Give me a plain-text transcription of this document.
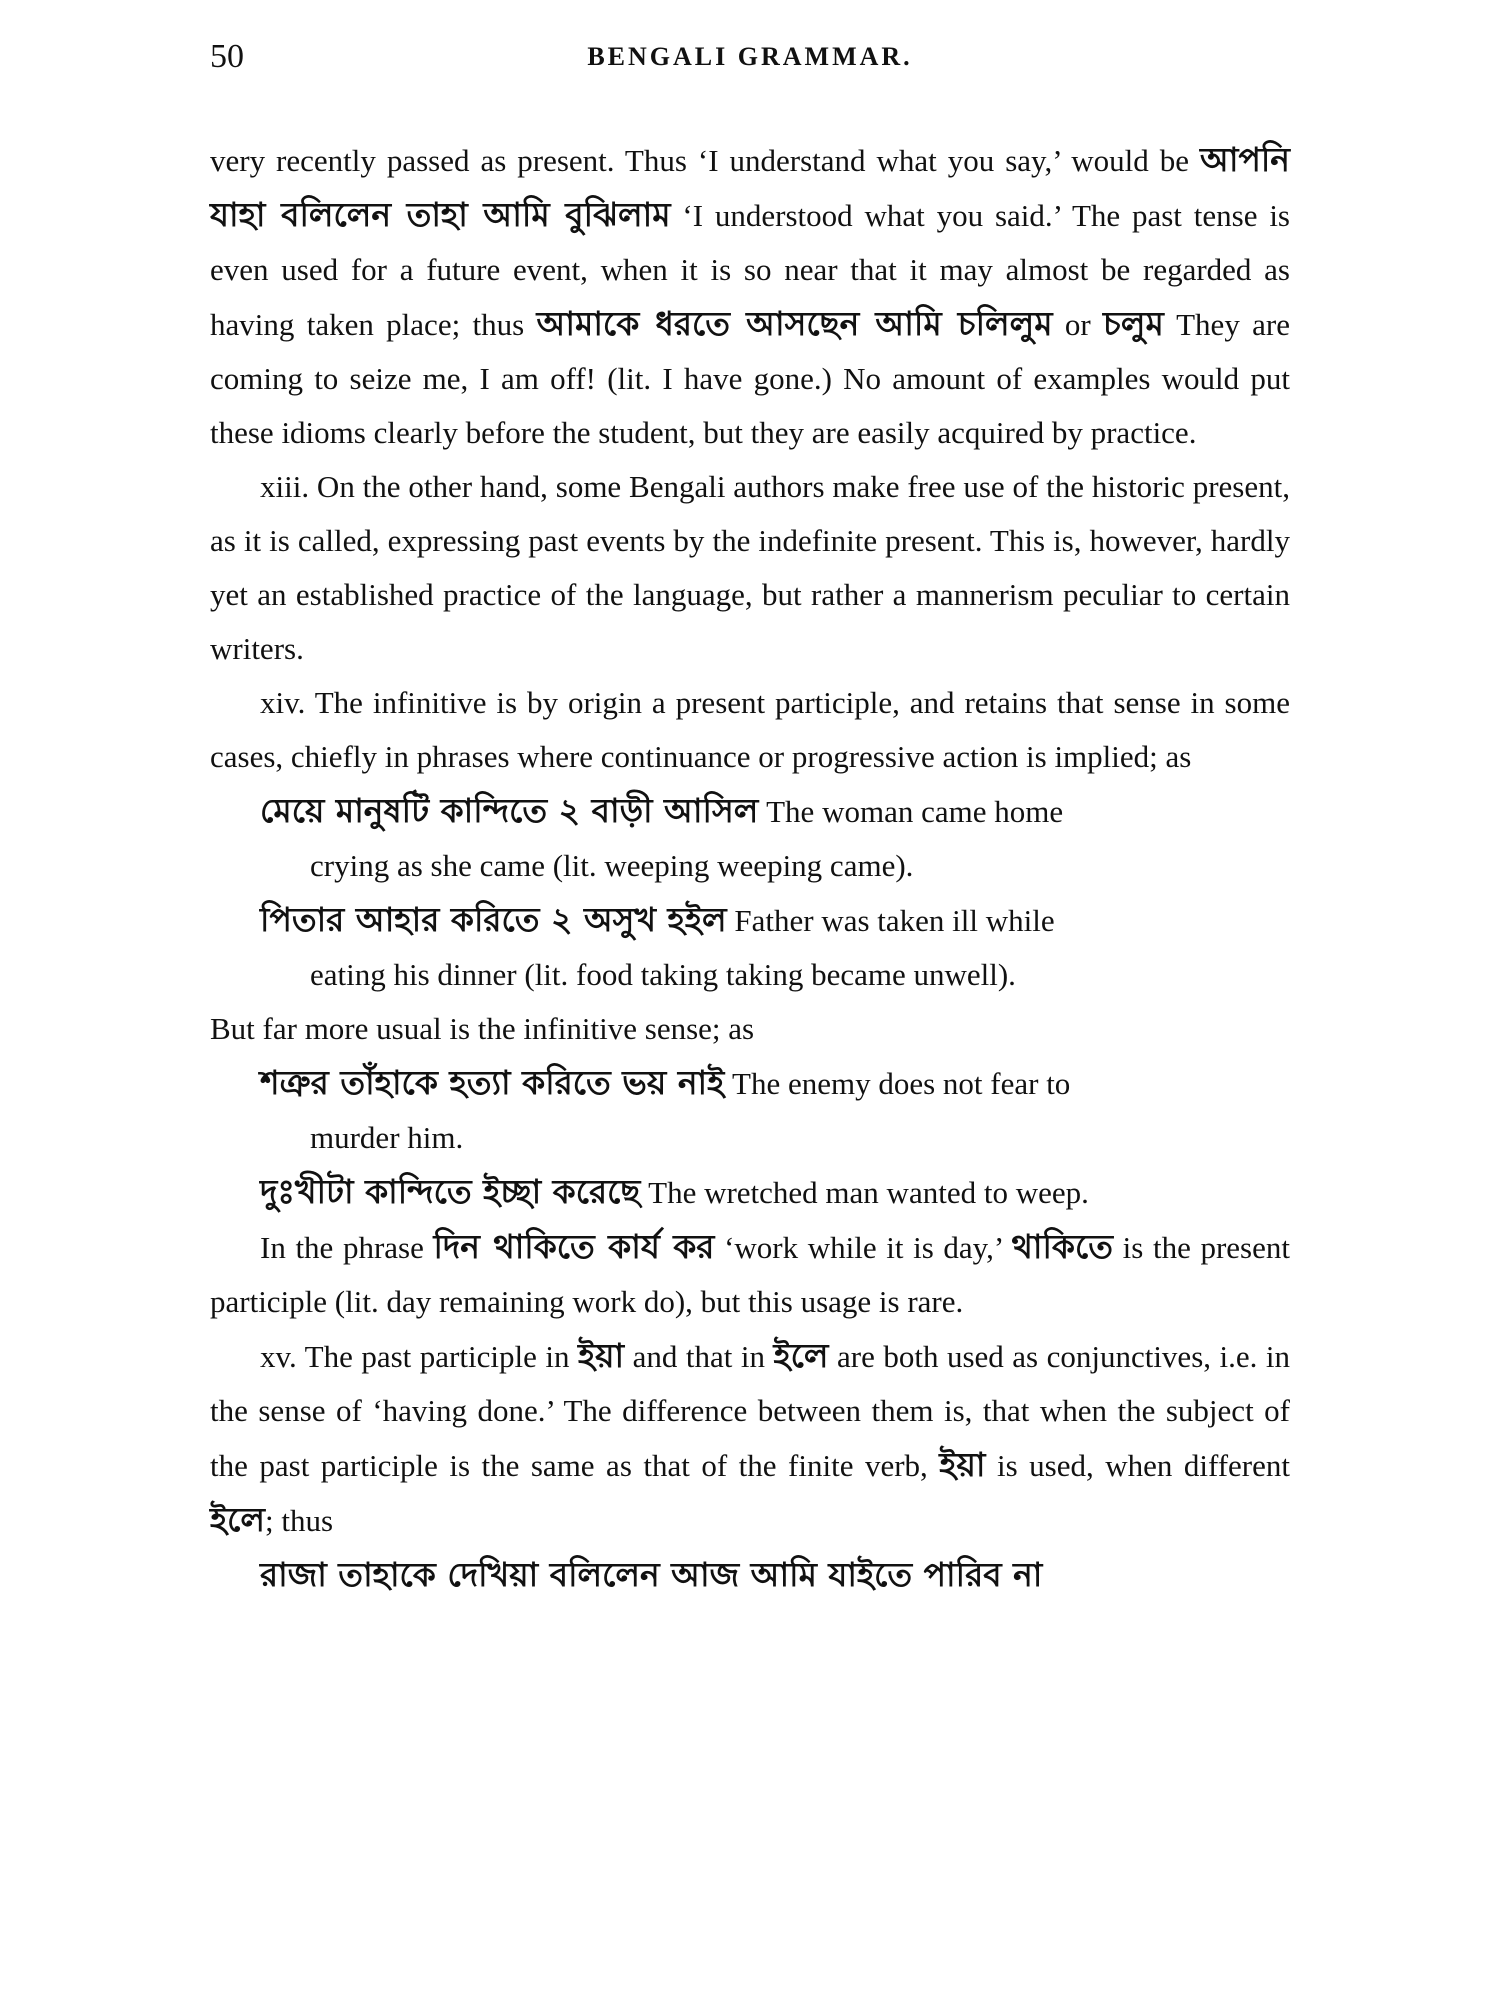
50	BENGALI GRAMMAR.

very recently passed as present. Thus ‘I understand what you say,’ would be আপনি যাহা বলিলেন তাহা আমি বুঝিলাম ‘I understood what you said.’ The past tense is even used for a future event, when it is so near that it may almost be regarded as having taken place; thus আমাকে ধরতে আসছেন আমি চলিলুম or চলুম They are coming to seize me, I am off! (lit. I have gone.) No amount of examples would put these idioms clearly before the student, but they are easily acquired by practice.

xiii. On the other hand, some Bengali authors make free use of the historic present, as it is called, expressing past events by the indefinite present. This is, however, hardly yet an established practice of the language, but rather a mannerism peculiar to certain writers.

xiv. The infinitive is by origin a present participle, and retains that sense in some cases, chiefly in phrases where continuance or progressive action is implied; as

মেয়ে মানুষটি কান্দিতে ২ বাড়ী আসিল The woman came home
crying as she came (lit. weeping weeping came).

পিতার আহার করিতে ২ অসুখ হইল Father was taken ill while
eating his dinner (lit. food taking taking became unwell).

But far more usual is the infinitive sense; as

শত্রুর তাঁহাকে হত্যা করিতে ভয় নাই The enemy does not fear to
murder him.

দুঃখীটা কান্দিতে ইচ্ছা করেছে The wretched man wanted to weep.

In the phrase দিন থাকিতে কার্য কর ‘work while it is day,’ থাকিতে is the present participle (lit. day remaining work do), but this usage is rare.

xv. The past participle in ইয়া and that in ইলে are both used as conjunctives, i.e. in the sense of ‘having done.’ The difference between them is, that when the subject of the past participle is the same as that of the finite verb, ইয়া is used, when different ইলে; thus

রাজা তাহাকে দেখিয়া বলিলেন আজ আমি যাইতে পারিব না
